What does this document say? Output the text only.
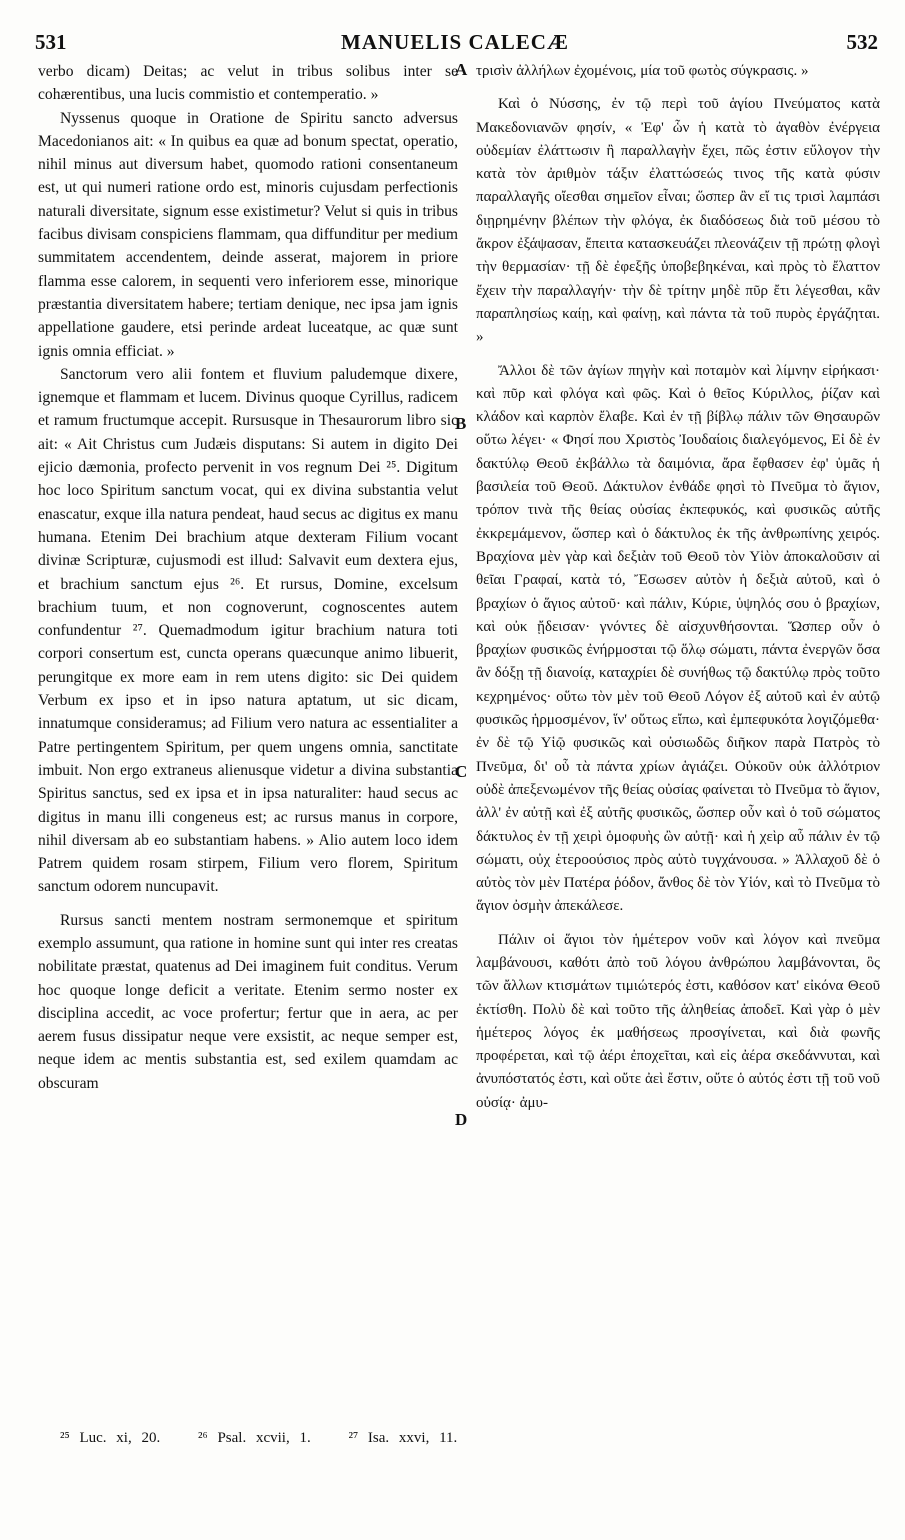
531	MANUELIS CALECÆ	532

verbo dicam) Deitas; ac velut in tribus solibus inter se cohærentibus, una lucis commistio et contemperatio. »

Nyssenus quoque in Oratione de Spiritu sancto adversus Macedonianos ait: « In quibus ea quæ ad bonum spectat, operatio, nihil minus aut diversum habet, quomodo rationi consentaneum est, ut qui numeri ratione ordo est, minoris cujusdam perfectionis naturali diversitate, signum esse existimetur? Velut si quis in tribus facibus divisam conspiciens flammam, qua diffunditur per medium summitatem accendentem, deinde asserat, majorem in priore flamma esse calorem, in sequenti vero inferiorem esse, minorique præstantia diversitatem habere; tertiam denique, nec ipsa jam ignis appellatione gaudere, etsi perinde ardeat luceatque, ac quæ sunt ignis omnia efficiat. »

Sanctorum vero alii fontem et fluvium paludemque dixere, ignemque et flammam et lucem. Divinus quoque Cyrillus, radicem et ramum fructumque accepit. Rursusque in Thesaurorum libro sic ait: « Ait Christus cum Judæis disputans: Si autem in digito Dei ejicio dæmonia, profecto pervenit in vos regnum Dei ²⁵. Digitum hoc loco Spiritum sanctum vocat, qui ex divina substantia velut enascatur, exque illa natura pendeat, haud secus ac digitus ex manu humana. Etenim Dei brachium atque dexteram Filium vocant divinæ Scripturæ, cujusmodi est illud: Salvavit eum dextera ejus, et brachium sanctum ejus ²⁶. Et rursus, Domine, excelsum brachium tuum, et non cognoverunt, cognoscentes autem confundentur ²⁷. Quemadmodum igitur brachium natura toti corpori consertum est, cuncta operans quæcunque animo libuerit, perungitque ex more eam in rem utens digito: sic Dei quidem Verbum ex ipso et in ipso natura aptatum, ut sic dicam, innatumque consideramus; ad Filium vero natura ac essentialiter a Patre pertingentem Spiritum, per quem ungens omnia, sanctitate imbuit. Non ergo extraneus alienusque videtur a divina substantia Spiritus sanctus, sed ex ipsa et in ipsa naturaliter: haud secus ac digitus in manu illi congeneus est; ac rursus manus in corpore, nihil diversam ab eo substantiam habens. » Alio autem loco idem Patrem quidem rosam stirpem, Filium vero florem, Spiritum sanctum odorem nuncupavit.

Rursus sancti mentem nostram sermonemque et spiritum exemplo assumunt, qua ratione in homine sunt qui inter res creatas nobilitate præstat, quatenus ad Dei imaginem fuit conditus. Verum hoc quoque longe deficit a veritate. Etenim sermo noster ex disciplina accedit, ac voce profertur; fertur que in aera, ac per aerem fusus dissipatur neque vere exsistit, ac neque semper est, neque idem ac mentis substantia est, sed exilem quamdam ac obscuram

A
B
C
D

τρισὶν ἀλλήλων ἐχομένοις, μία τοῦ φωτὸς σύγκρασις. »

Καὶ ὁ Νύσσης, ἐν τῷ περὶ τοῦ ἁγίου Πνεύματος κατὰ Μακεδονιανῶν φησίν, « Ἐφ' ὧν ἡ κατὰ τὸ ἀγαθὸν ἐνέργεια οὐδεμίαν ἐλάττωσιν ἢ παραλλαγὴν ἔχει, πῶς ἐστιν εὔλογον τὴν κατὰ τὸν ἀριθμὸν τάξιν ἐλαττώσεώς τινος τῆς κατὰ φύσιν παραλλαγῆς οἴεσθαι σημεῖον εἶναι; ὥσπερ ἂν εἴ τις τρισὶ λαμπάσι διῃρημένην βλέπων τὴν φλόγα, ἐκ διαδόσεως διὰ τοῦ μέσου τὸ ἄκρον ἐξάψασαν, ἔπειτα κατασκευάζει πλεονάζειν τῇ πρώτῃ φλογὶ τὴν θερμασίαν· τῇ δὲ ἐφεξῆς ὑποβεβηκέναι, καὶ πρὸς τὸ ἔλαττον ἔχειν τὴν παραλλαγήν· τὴν δὲ τρίτην μηδὲ πῦρ ἔτι λέγεσθαι, κἂν παραπλησίως καίῃ, καὶ φαίνῃ, καὶ πάντα τὰ τοῦ πυρὸς ἐργάζηται. »

Ἄλλοι δὲ τῶν ἁγίων πηγὴν καὶ ποταμὸν καὶ λίμνην εἰρήκασι· καὶ πῦρ καὶ φλόγα καὶ φῶς. Καὶ ὁ θεῖος Κύριλλος, ῥίζαν καὶ κλάδον καὶ καρπὸν ἔλαβε. Καὶ ἐν τῇ βίβλῳ πάλιν τῶν Θησαυρῶν οὕτω λέγει· « Φησί που Χριστὸς Ἰουδαίοις διαλεγόμενος, Εἰ δὲ ἐν δακτύλῳ Θεοῦ ἐκβάλλω τὰ δαιμόνια, ἄρα ἔφθασεν ἐφ' ὑμᾶς ἡ βασιλεία τοῦ Θεοῦ. Δάκτυλον ἐνθάδε φησὶ τὸ Πνεῦμα τὸ ἅγιον, τρόπον τινὰ τῆς θείας οὐσίας ἐκπεφυκός, καὶ φυσικῶς αὐτῆς ἐκκρεμάμενον, ὥσπερ καὶ ὁ δάκτυλος ἐκ τῆς ἀνθρωπίνης χειρός. Βραχίονα μὲν γὰρ καὶ δεξιὰν τοῦ Θεοῦ τὸν Υἱὸν ἀποκαλοῦσιν αἱ θεῖαι Γραφαί, κατὰ τό, Ἔσωσεν αὐτὸν ἡ δεξιὰ αὐτοῦ, καὶ ὁ βραχίων ὁ ἅγιος αὐτοῦ· καὶ πάλιν, Κύριε, ὑψηλός σου ὁ βραχίων, καὶ οὐκ ᾔδεισαν· γνόντες δὲ αἰσχυνθήσονται. Ὥσπερ οὖν ὁ βραχίων φυσικῶς ἐνήρμοσται τῷ ὅλῳ σώματι, πάντα ἐνεργῶν ὅσα ἂν δόξῃ τῇ διανοίᾳ, καταχρίει δὲ συνήθως τῷ δακτύλῳ πρὸς τοῦτο κεχρημένος· οὕτω τὸν μὲν τοῦ Θεοῦ Λόγον ἐξ αὐτοῦ καὶ ἐν αὐτῷ φυσικῶς ἡρμοσμένον, ἵν' οὕτως εἴπω, καὶ ἐμπεφυκότα λογιζόμεθα· ἐν δὲ τῷ Υἱῷ φυσικῶς καὶ οὐσιωδῶς διῆκον παρὰ Πατρὸς τὸ Πνεῦμα, δι' οὗ τὰ πάντα χρίων ἁγιάζει. Οὐκοῦν οὐκ ἀλλότριον οὐδὲ ἀπεξενωμένον τῆς θείας οὐσίας φαίνεται τὸ Πνεῦμα τὸ ἅγιον, ἀλλ' ἐν αὐτῇ καὶ ἐξ αὐτῆς φυσικῶς, ὥσπερ οὖν καὶ ὁ τοῦ σώματος δάκτυλος ἐν τῇ χειρὶ ὁμοφυὴς ὢν αὐτῇ· καὶ ἡ χεὶρ αὖ πάλιν ἐν τῷ σώματι, οὐχ ἑτεροούσιος πρὸς αὐτὸ τυγχάνουσα. » Ἀλλαχοῦ δὲ ὁ αὐτὸς τὸν μὲν Πατέρα ῥόδον, ἄνθος δὲ τὸν Υἱόν, καὶ τὸ Πνεῦμα τὸ ἅγιον ὀσμὴν ἀπεκάλεσε.

Πάλιν οἱ ἅγιοι τὸν ἡμέτερον νοῦν καὶ λόγον καὶ πνεῦμα λαμβάνουσι, καθότι ἀπὸ τοῦ λόγου ἀνθρώπου λαμβάνονται, ὃς τῶν ἄλλων κτισμάτων τιμιώτερός ἐστι, καθόσον κατ' εἰκόνα Θεοῦ ἐκτίσθη. Πολὺ δὲ καὶ τοῦτο τῆς ἀληθείας ἀποδεῖ. Καὶ γὰρ ὁ μὲν ἡμέτερος λόγος ἐκ μαθήσεως προσγίνεται, καὶ διὰ φωνῆς προφέρεται, καὶ τῷ ἀέρι ἐποχεῖται, καὶ εἰς ἀέρα σκεδάννυται, καὶ ἀνυπόστατός ἐστι, καὶ οὔτε ἀεὶ ἔστιν, οὔτε ὁ αὐτός ἐστι τῇ τοῦ νοῦ οὐσίᾳ· ἀμυ-

²⁵ Luc. xi, 20.	²⁶ Psal. xcvii, 1.	²⁷ Isa. xxvi, 11.
